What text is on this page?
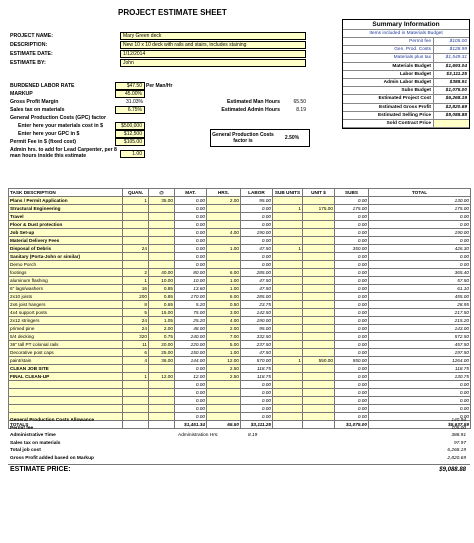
PROJECT ESTIMATE SHEET
PROJECT NAME:	Mary Green deck
DESCRIPTION:	New 10 x 10 deck with rails and stairs, includes staining
ESTIMATE DATE:	1/12/2014
ESTIMATE BY:	John
BURDENED LABOR RATE	$47.50 Per Man/Hr
MARKUP	45.00%
Gross Profit Margin	31.03%
Sales tax on materials	6.75%
General Production Costs (GPC) factor
Enter here your materials cost in $	$500,000
Enter here your GPC in $	$12,500
Permit Fee in $ (fixed cost)	$105.00
Admin hrs. to add for Lead Carpenter, per 8 man hours inside this estimate	1.00
Estimated Man Hours	65.50
Estimated Admin Hours	8.19
General Production Costs factor is	2.50%
Summary Information
Items included in Materials Budget
Permit fee	$105.00
Gen. Prod. Costs	$128.99
Materials plus tax	$1,549.31
Materials Budget	$1,693.04
Labor Budget	$3,111.25
Admin Labor Budget	$388.91
Subs Budget	$1,075.00
Estimated Project Cost	$6,268.19
Estimated Gross Profit	$2,820.69
Estimated Selling Price	$9,088.88
Sold Contract Price
TASK DESCRIPTION	QUAN.	@	MAT.	HRS.	LABOR	SUB UNITS	UNIT $	SUBS	TOTAL
Plans / Permit Application	1	35.00	0.00	2.00	95.00			0.00	130.00
Structural Engineering			0.00		0.00	1	175.00	175.00	175.00
Travel			0.00		0.00			0.00	0.00
Floor & Dust protection			0.00		0.00			0.00	0.00
Job Set-up			0.00	4.00	190.00			0.00	190.00
Material Delivery Fees			0.00		0.00			0.00	0.00
Disposal of Debris	24		0.00	1.00	47.50	1		350.00	426.30
Sanitary (Porta-John or similar)			0.00		0.00			0.00	0.00
Demo Porch			0.00		0.00			0.00	0.00
footings	2	40.00	80.00	6.00	285.00			0.00	365.40
aluminum flashing	1	10.00	10.00	1.00	47.50			0.00	57.50
6" lags/washers	16	0.85	13.60	1.00	47.50			0.00	61.10
2x10 joists	200	0.85	170.00	6.00	285.00			0.00	455.00
2x6 joist hangers	8	0.65	5.20	0.50	23.75			0.00	28.95
4x4 support posts	5	15.00	75.00	3.00	142.50			0.00	217.50
2x12 stringers	24	1.05	25.20	4.00	190.00			0.00	215.20
primed pine	24	2.00	48.00	2.00	95.00			0.00	143.00
5/4 decking	320	0.75	240.00	7.00	332.50			0.00	572.50
36" tall PT colonial rails	11	20.00	220.00	5.00	237.50			0.00	457.50
Decorative post caps	6	25.00	150.00	1.00	47.50			0.00	197.50
paint/stain	4	36.00	144.00	12.00	570.00	1	550.00	550.00	1264.00
CLEAN JOB SITE			0.00	2.50	118.75			0.00	118.75
FINAL CLEAN-UP	1	12.00	12.00	2.50	118.75			0.00	130.75
			0.00		0.00			0.00	0.00
			0.00		0.00			0.00	0.00
			0.00		0.00			0.00	0.00
			0.00		0.00			0.00	0.00
			0.00		0.00			0.00	0.00
TOTALS			$1,451.34	65.50	$3,111.25			$1,075.00	$5,637.59
General Production Costs Allowance	140.94
Permit fee	105.00
Administrative Time	Administration Hrs:	8.19	388.91
Sales tax on materials	97.97
Total job cost	6,268.19
Gross Profit added based on Markup	2,820.69
ESTIMATE PRICE:	$9,088.88
